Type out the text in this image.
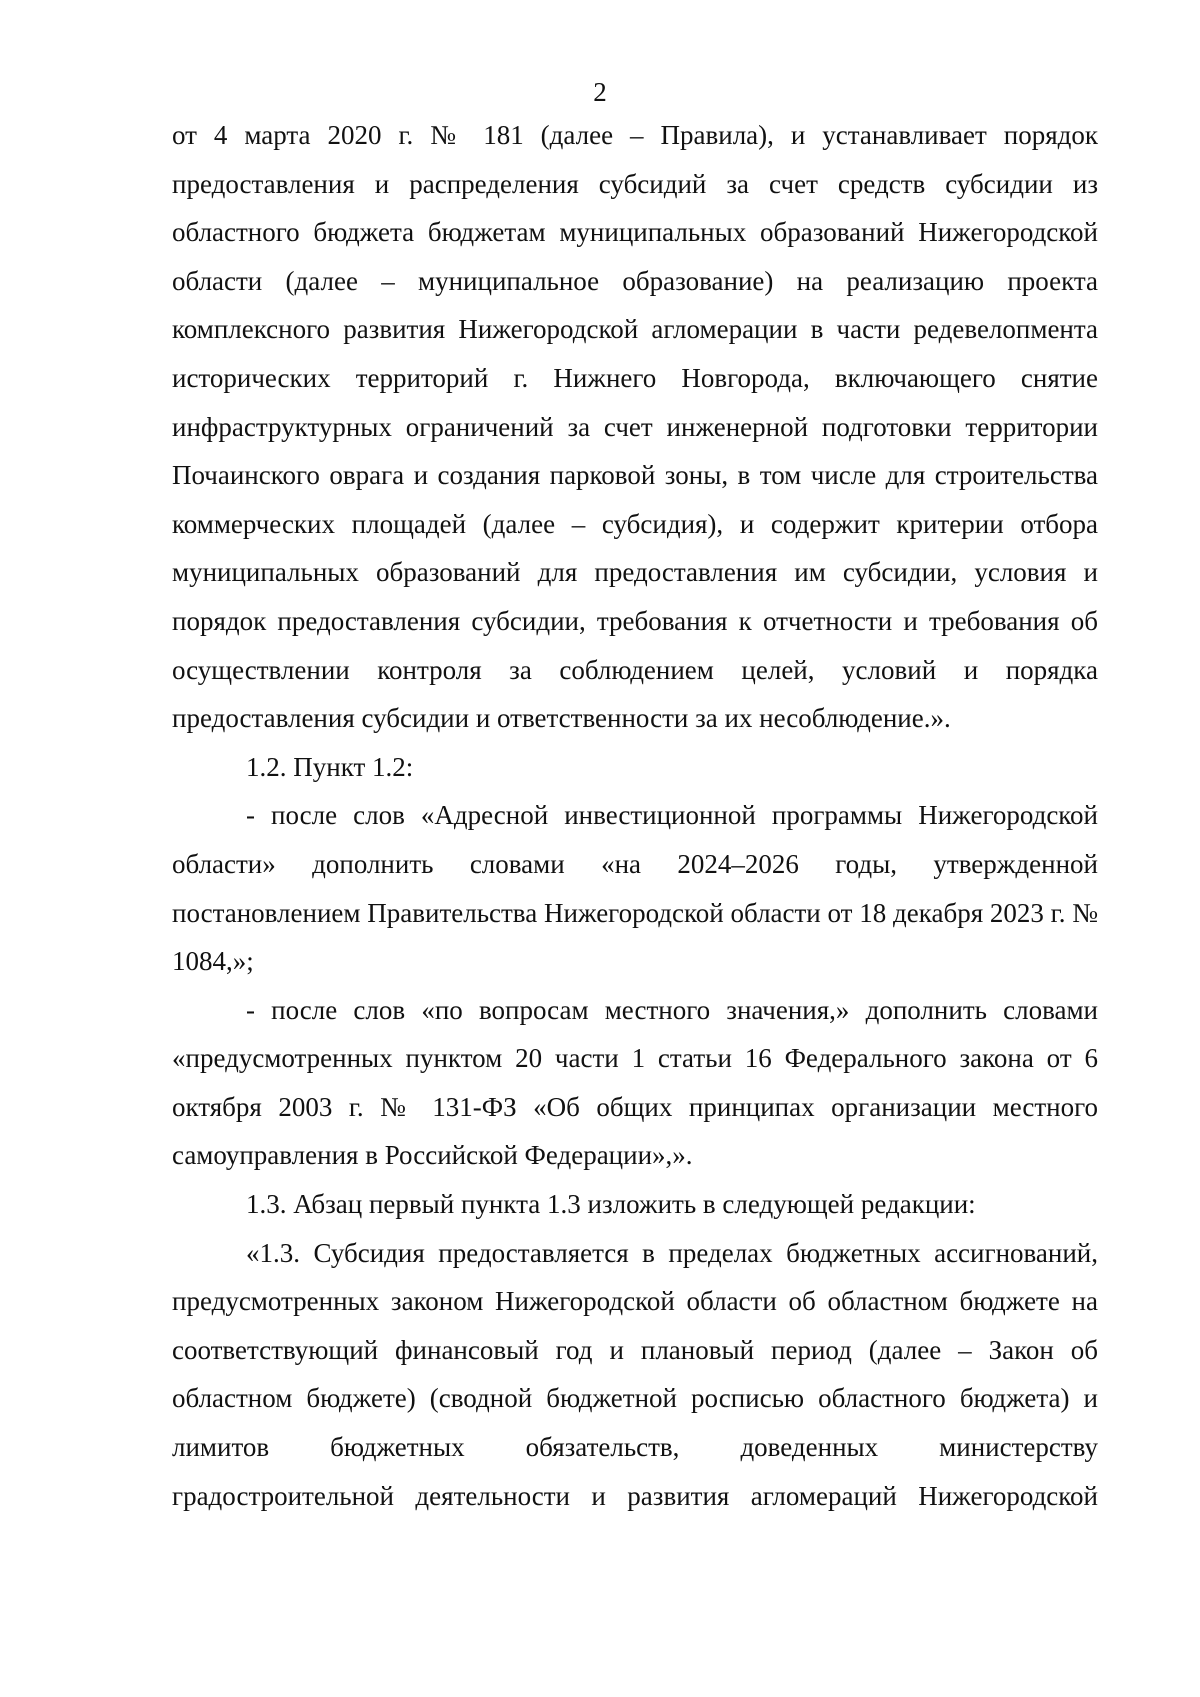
2

от 4 марта 2020 г. № 181 (далее – Правила), и устанавливает порядок предоставления и распределения субсидий за счет средств субсидии из областного бюджета бюджетам муниципальных образований Нижегородской области (далее – муниципальное образование) на реализацию проекта комплексного развития Нижегородской агломерации в части редевелопмента исторических территорий г. Нижнего Новгорода, включающего снятие инфраструктурных ограничений за счет инженерной подготовки территории Почаинского оврага и создания парковой зоны, в том числе для строительства коммерческих площадей (далее – субсидия), и содержит критерии отбора муниципальных образований для предоставления им субсидии, условия и порядок предоставления субсидии, требования к отчетности и требования об осуществлении контроля за соблюдением целей, условий и порядка предоставления субсидии и ответственности за их несоблюдение.».

1.2. Пункт 1.2:

- после слов «Адресной инвестиционной программы Нижегородской области» дополнить словами «на 2024–2026 годы, утвержденной постановлением Правительства Нижегородской области от 18 декабря 2023 г. № 1084,»;

- после слов «по вопросам местного значения,» дополнить словами «предусмотренных пунктом 20 части 1 статьи 16 Федерального закона от 6 октября 2003 г. № 131-ФЗ «Об общих принципах организации местного самоуправления в Российской Федерации»,».

1.3. Абзац первый пункта 1.3 изложить в следующей редакции:

«1.3. Субсидия предоставляется в пределах бюджетных ассигнований, предусмотренных законом Нижегородской области об областном бюджете на соответствующий финансовый год и плановый период (далее – Закон об областном бюджете) (сводной бюджетной росписью областного бюджета) и лимитов бюджетных обязательств, доведенных министерству градостроительной деятельности и развития агломераций Нижегородской
